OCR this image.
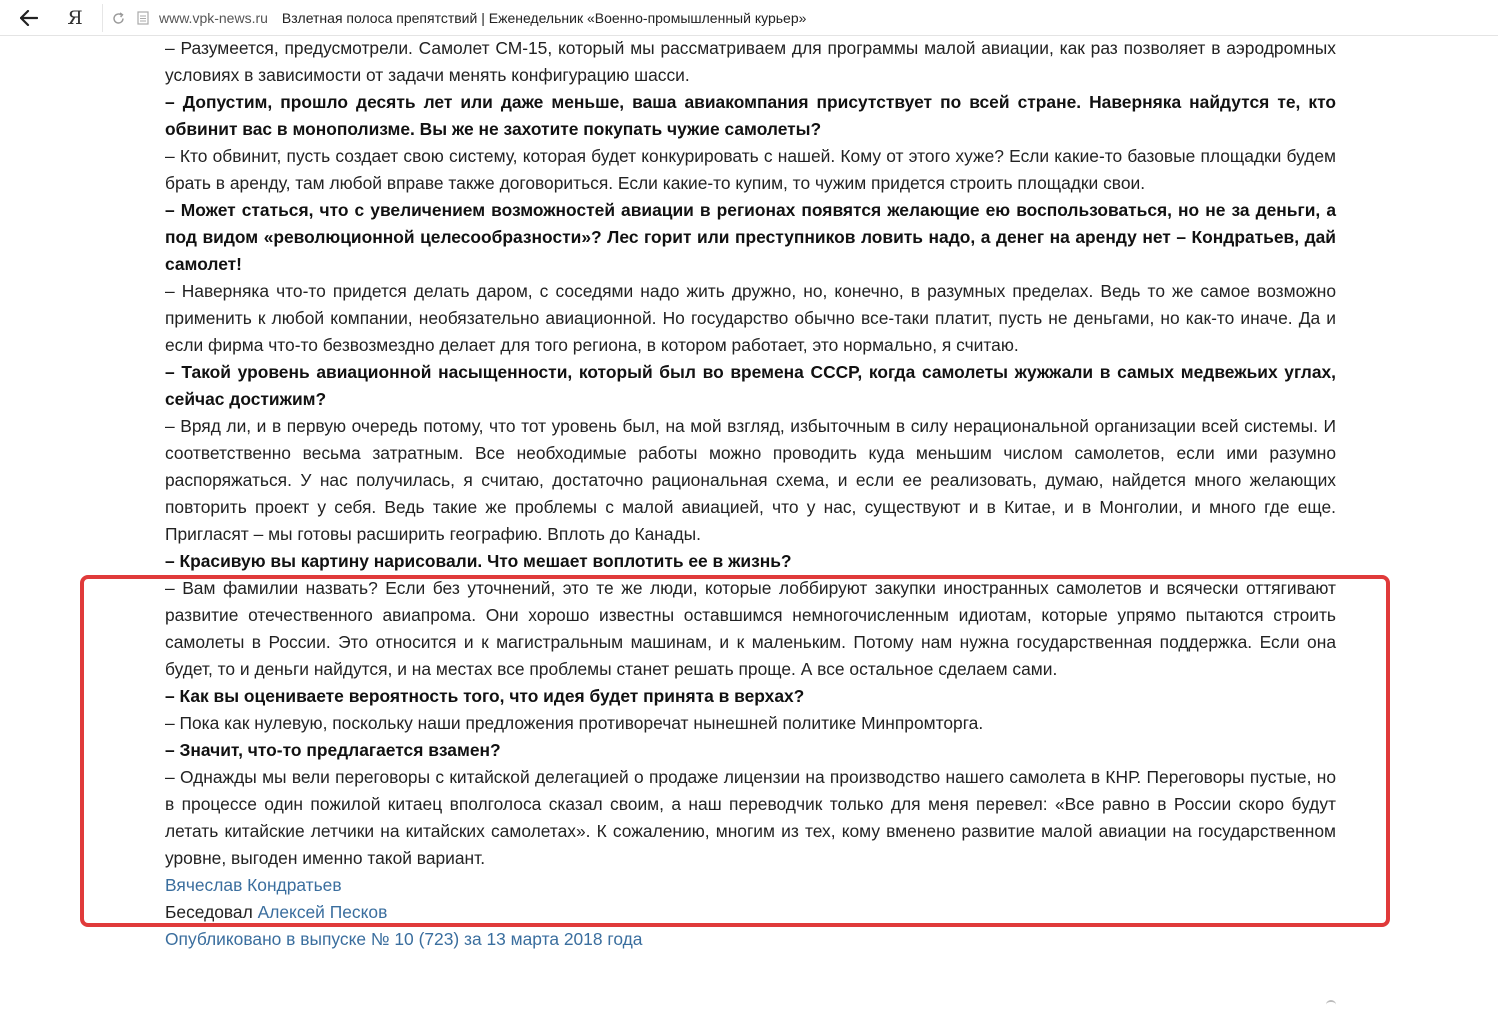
Я	www.vpk-news.ru Взлетная полоса препятствий | Еженедельник «Военно-промышленный курьер»

– Разумеется, предусмотрели. Самолет СМ-15, который мы рассматриваем для программы малой авиации, как раз позволяет в аэродромных условиях в зависимости от задачи менять конфигурацию шасси.

– Допустим, прошло десять лет или даже меньше, ваша авиакомпания присутствует по всей стране. Наверняка найдутся те, кто обвинит вас в монополизме. Вы же не захотите покупать чужие самолеты?

– Кто обвинит, пусть создает свою систему, которая будет конкурировать с нашей. Кому от этого хуже? Если какие-то базовые площадки будем брать в аренду, там любой вправе также договориться. Если какие-то купим, то чужим придется строить площадки свои.

– Может статься, что с увеличением возможностей авиации в регионах появятся желающие ею воспользоваться, но не за деньги, а под видом «революционной целесообразности»? Лес горит или преступников ловить надо, а денег на аренду нет – Кондратьев, дай самолет!

– Наверняка что-то придется делать даром, с соседями надо жить дружно, но, конечно, в разумных пределах. Ведь то же самое возможно применить к любой компании, необязательно авиационной. Но государство обычно все-таки платит, пусть не деньгами, но как-то иначе. Да и если фирма что-то безвозмездно делает для того региона, в котором работает, это нормально, я считаю.

– Такой уровень авиационной насыщенности, который был во времена СССР, когда самолеты жужжали в самых медвежьих углах, сейчас достижим?

– Вряд ли, и в первую очередь потому, что тот уровень был, на мой взгляд, избыточным в силу нерациональной организации всей системы. И соответственно весьма затратным. Все необходимые работы можно проводить куда меньшим числом самолетов, если ими разумно распоряжаться. У нас получилась, я считаю, достаточно рациональная схема, и если ее реализовать, думаю, найдется много желающих повторить проект у себя. Ведь такие же проблемы с малой авиацией, что у нас, существуют и в Китае, и в Монголии, и много где еще. Пригласят – мы готовы расширить географию. Вплоть до Канады.

– Красивую вы картину нарисовали. Что мешает воплотить ее в жизнь?

– Вам фамилии назвать? Если без уточнений, это те же люди, которые лоббируют закупки иностранных самолетов и всячески оттягивают развитие отечественного авиапрома. Они хорошо известны оставшимся немногочисленным идиотам, которые упрямо пытаются строить самолеты в России. Это относится и к магистральным машинам, и к маленьким. Потому нам нужна государственная поддержка. Если она будет, то и деньги найдутся, и на местах все проблемы станет решать проще. А все остальное сделаем сами.

– Как вы оцениваете вероятность того, что идея будет принята в верхах?

– Пока как нулевую, поскольку наши предложения противоречат нынешней политике Минпромторга.

– Значит, что-то предлагается взамен?

– Однажды мы вели переговоры с китайской делегацией о продаже лицензии на производство нашего самолета в КНР. Переговоры пустые, но в процессе один пожилой китаец вполголоса сказал своим, а наш переводчик только для меня перевел: «Все равно в России скоро будут летать китайские летчики на китайских самолетах». К сожалению, многим из тех, кому вменено развитие малой авиации на государственном уровне, выгоден именно такой вариант.

Вячеслав Кондратьев

Беседовал Алексей Песков

Опубликовано в выпуске № 10 (723) за 13 марта 2018 года
